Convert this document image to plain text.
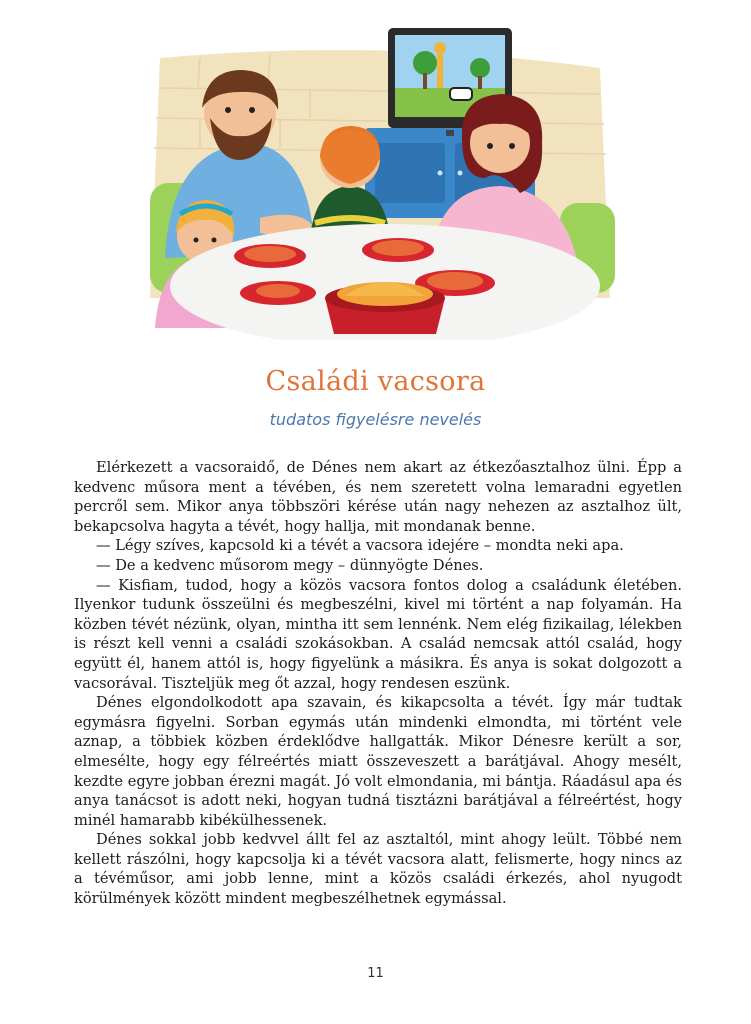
Családi vacsora
tudatos figyelésre nevelés

Elérkezett a vacsoraidő, de Dénes nem akart az étkezőasztalhoz ülni. Épp a kedvenc műsora ment a tévében, és nem szeretett volna lemaradni egyetlen percről sem. Mikor anya többszöri kérése után nagy nehezen az asztalhoz ült, bekapcsolva hagyta a tévét, hogy hallja, mit mondanak benne.

— Légy szíves, kapcsold ki a tévét a vacsora idejére – mondta neki apa.

— De a kedvenc műsorom megy – dünnyögte Dénes.

— Kisfiam, tudod, hogy a közös vacsora fontos dolog a családunk életében. Ilyenkor tudunk összeülni és megbeszélni, kivel mi történt a nap folyamán. Ha közben tévét nézünk, olyan, mintha itt sem lennénk. Nem elég fizikailag, lélekben is részt kell venni a családi szokásokban. A család nemcsak attól család, hogy együtt él, hanem attól is, hogy figyelünk a másikra. És anya is sokat dolgozott a vacsorával. Tiszteljük meg őt azzal, hogy rendesen eszünk.

Dénes elgondolkodott apa szavain, és kikapcsolta a tévét. Így már tudtak egymásra figyelni. Sorban egymás után mindenki elmondta, mi történt vele aznap, a többiek közben érdeklődve hallgatták. Mikor Dénesre került a sor, elmesélte, hogy egy félreértés miatt összeveszett a barátjával. Ahogy mesélt, kezdte egyre jobban érezni magát. Jó volt elmondania, mi bántja. Ráadásul apa és anya tanácsot is adott neki, hogyan tudná tisztázni barátjával a félreértést, hogy minél hamarabb kibékülhessenek.

Dénes sokkal jobb kedvvel állt fel az asztaltól, mint ahogy leült. Többé nem kellett rászólni, hogy kapcsolja ki a tévét vacsora alatt, felismerte, hogy nincs az a tévéműsor, ami jobb lenne, mint a közös családi érkezés, ahol nyugodt körülmények között mindent megbeszélhetnek egymással.

11
